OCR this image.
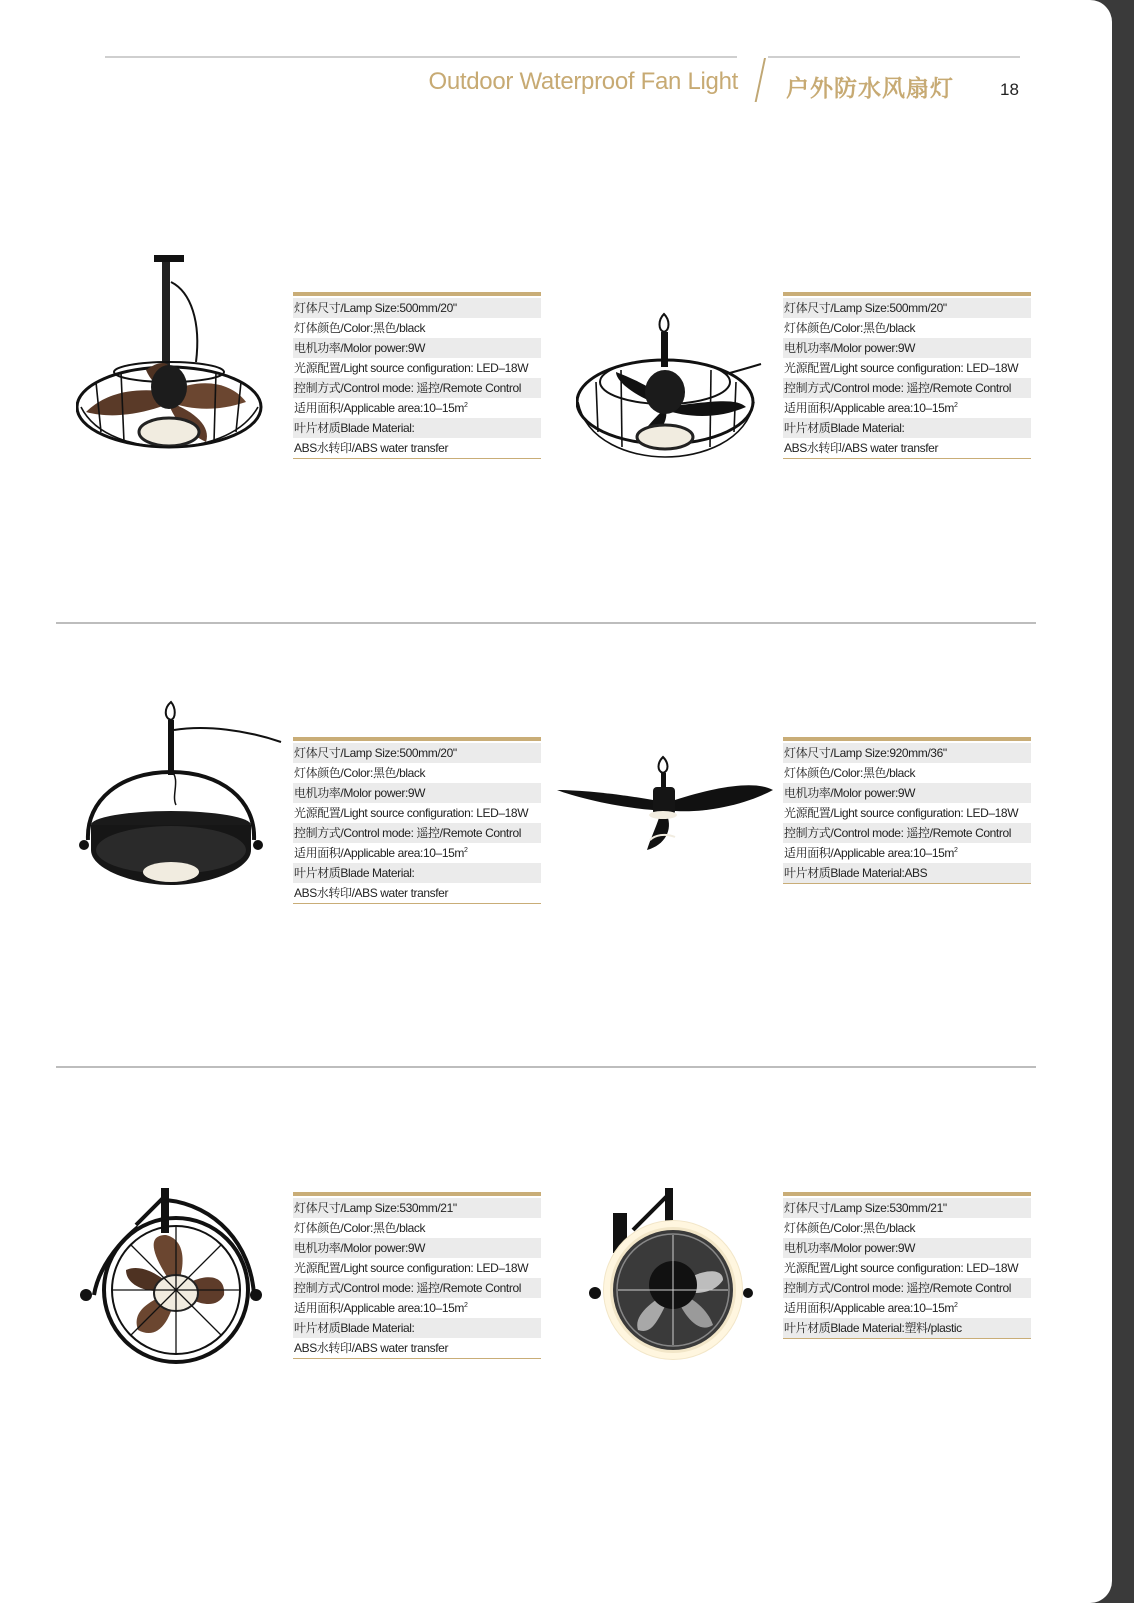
Outdoor Waterproof Fan Light 户外防水风扇灯	18
灯体尺寸/Lamp Size:500mm/20"
灯体颜色/Color:黑色/black
电机功率/Molor power:9W
光源配置/Light source configuration: LED–18W
控制方式/Control mode: 遥控/Remote Control
适用面积/Applicable $area:10-15m^2$
叶片材质Blade Material:
ABS水转印/ABS water transfer
灯体尺寸/Lamp Size:500mm/20"
灯体颜色/Color:黑色/black
电机功率/Molor power:9W
光源配置/Light source configuration: LED–18W
控制方式/Control mode: 遥控/Remote Control
适用面积/Applicable $area:10-15m^2$
叶片材质Blade Material:
ABS水转印/ABS water transfer
灯体尺寸/Lamp Size:500mm/20"
灯体颜色/Color:黑色/black
电机功率/Molor power:9W
光源配置/Light source configuration: LED–18W
控制方式/Control mode: 遥控/Remote Control
适用面积/Applicable $area:10-15m^2$
叶片材质Blade Material:
ABS水转印/ABS water transfer
灯体尺寸/Lamp Size:920mm/36"
灯体颜色/Color:黑色/black
电机功率/Molor power:9W
光源配置/Light source configuration: LED–18W
控制方式/Control mode: 遥控/Remote Control
适用面积/Applicable $area:10-15m^2$
叶片材质Blade Material:ABS
灯体尺寸/Lamp Size:530mm/21"
灯体颜色/Color:黑色/black
电机功率/Molor power:9W
光源配置/Light source configuration: LED–18W
控制方式/Control mode: 遥控/Remote Control
适用面积/Applicable $area:10-15m^2$
叶片材质Blade Material:
ABS水转印/ABS water transfer
灯体尺寸/Lamp Size:530mm/21"
灯体颜色/Color:黑色/black
电机功率/Molor power:9W
光源配置/Light source configuration: LED–18W
控制方式/Control mode: 遥控/Remote Control
适用面积/Applicable $area:10-15m^2$
叶片材质Blade Material:塑料/plastic
